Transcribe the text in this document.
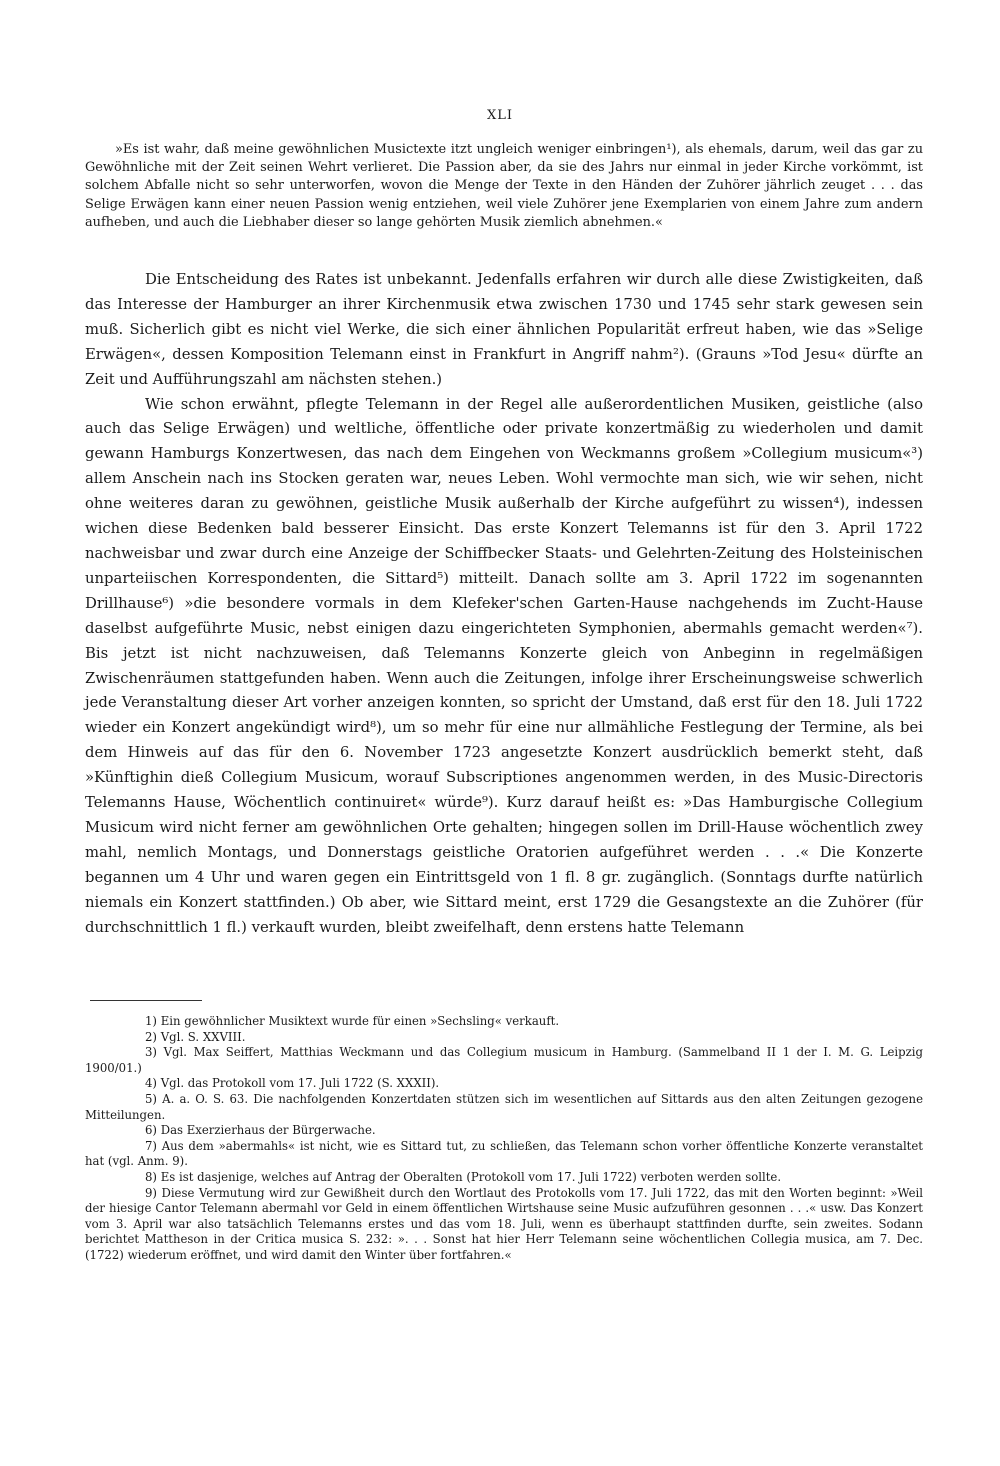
XLI

»Es ist wahr, daß meine gewöhnlichen Musictexte itzt ungleich weniger einbringen¹), als ehemals, darum, weil das gar zu Gewöhnliche mit der Zeit seinen Wehrt verlieret. Die Passion aber, da sie des Jahrs nur einmal in jeder Kirche vorkömmt, ist solchem Abfalle nicht so sehr unterworfen, wovon die Menge der Texte in den Händen der Zuhörer jährlich zeuget . . . das Selige Erwägen kann einer neuen Passion wenig entziehen, weil viele Zuhörer jene Exemplarien von einem Jahre zum andern aufheben, und auch die Liebhaber dieser so lange gehörten Musik ziemlich abnehmen.«

Die Entscheidung des Rates ist unbekannt. Jedenfalls erfahren wir durch alle diese Zwistigkeiten, daß das Interesse der Hamburger an ihrer Kirchenmusik etwa zwischen 1730 und 1745 sehr stark gewesen sein muß. Sicherlich gibt es nicht viel Werke, die sich einer ähnlichen Popularität erfreut haben, wie das »Selige Erwägen«, dessen Komposition Telemann einst in Frankfurt in Angriff nahm²). (Grauns »Tod Jesu« dürfte an Zeit und Aufführungszahl am nächsten stehen.)

Wie schon erwähnt, pflegte Telemann in der Regel alle außerordentlichen Musiken, geistliche (also auch das Selige Erwägen) und weltliche, öffentliche oder private konzertmäßig zu wiederholen und damit gewann Hamburgs Konzertwesen, das nach dem Eingehen von Weckmanns großem »Collegium musicum«³) allem Anschein nach ins Stocken geraten war, neues Leben. Wohl vermochte man sich, wie wir sehen, nicht ohne weiteres daran zu gewöhnen, geistliche Musik außerhalb der Kirche aufgeführt zu wissen⁴), indessen wichen diese Bedenken bald besserer Einsicht. Das erste Konzert Telemanns ist für den 3. April 1722 nachweisbar und zwar durch eine Anzeige der Schiffbecker Staats- und Gelehrten-Zeitung des Holsteinischen unparteiischen Korrespondenten, die Sittard⁵) mitteilt. Danach sollte am 3. April 1722 im sogenannten Drillhause⁶) »die besondere vormals in dem Klefeker'schen Garten-Hause nachgehends im Zucht-Hause daselbst aufgeführte Music, nebst einigen dazu eingerichteten Symphonien, abermahls gemacht werden«⁷). Bis jetzt ist nicht nachzuweisen, daß Telemanns Konzerte gleich von Anbeginn in regelmäßigen Zwischenräumen stattgefunden haben. Wenn auch die Zeitungen, infolge ihrer Erscheinungsweise schwerlich jede Veranstaltung dieser Art vorher anzeigen konnten, so spricht der Umstand, daß erst für den 18. Juli 1722 wieder ein Konzert angekündigt wird⁸), um so mehr für eine nur allmähliche Festlegung der Termine, als bei dem Hinweis auf das für den 6. November 1723 angesetzte Konzert ausdrücklich bemerkt steht, daß »Künftighin dieß Collegium Musicum, worauf Subscriptiones angenommen werden, in des Music-Directoris Telemanns Hause, Wöchentlich continuiret« würde⁹). Kurz darauf heißt es: »Das Hamburgische Collegium Musicum wird nicht ferner am gewöhnlichen Orte gehalten; hingegen sollen im Drill-Hause wöchentlich zwey mahl, nemlich Montags, und Donnerstags geistliche Oratorien aufgeführet werden . . .« Die Konzerte begannen um 4 Uhr und waren gegen ein Eintrittsgeld von 1 fl. 8 gr. zugänglich. (Sonntags durfte natürlich niemals ein Konzert stattfinden.) Ob aber, wie Sittard meint, erst 1729 die Gesangstexte an die Zuhörer (für durchschnittlich 1 fl.) verkauft wurden, bleibt zweifelhaft, denn erstens hatte Telemann

1) Ein gewöhnlicher Musiktext wurde für einen »Sechsling« verkauft.

2) Vgl. S. XXVIII.

3) Vgl. Max Seiffert, Matthias Weckmann und das Collegium musicum in Hamburg. (Sammelband II 1 der I. M. G. Leipzig 1900/01.)

4) Vgl. das Protokoll vom 17. Juli 1722 (S. XXXII).

5) A. a. O. S. 63. Die nachfolgenden Konzertdaten stützen sich im wesentlichen auf Sittards aus den alten Zeitungen gezogene Mitteilungen.

6) Das Exerzierhaus der Bürgerwache.

7) Aus dem »abermahls« ist nicht, wie es Sittard tut, zu schließen, das Telemann schon vorher öffentliche Konzerte veranstaltet hat (vgl. Anm. 9).

8) Es ist dasjenige, welches auf Antrag der Oberalten (Protokoll vom 17. Juli 1722) verboten werden sollte.

9) Diese Vermutung wird zur Gewißheit durch den Wortlaut des Protokolls vom 17. Juli 1722, das mit den Worten beginnt: »Weil der hiesige Cantor Telemann abermahl vor Geld in einem öffentlichen Wirtshause seine Music aufzuführen gesonnen . . .« usw. Das Konzert vom 3. April war also tatsächlich Telemanns erstes und das vom 18. Juli, wenn es überhaupt stattfinden durfte, sein zweites. Sodann berichtet Mattheson in der Critica musica S. 232: ». . . Sonst hat hier Herr Telemann seine wöchentlichen Collegia musica, am 7. Dec. (1722) wiederum eröffnet, und wird damit den Winter über fortfahren.«
